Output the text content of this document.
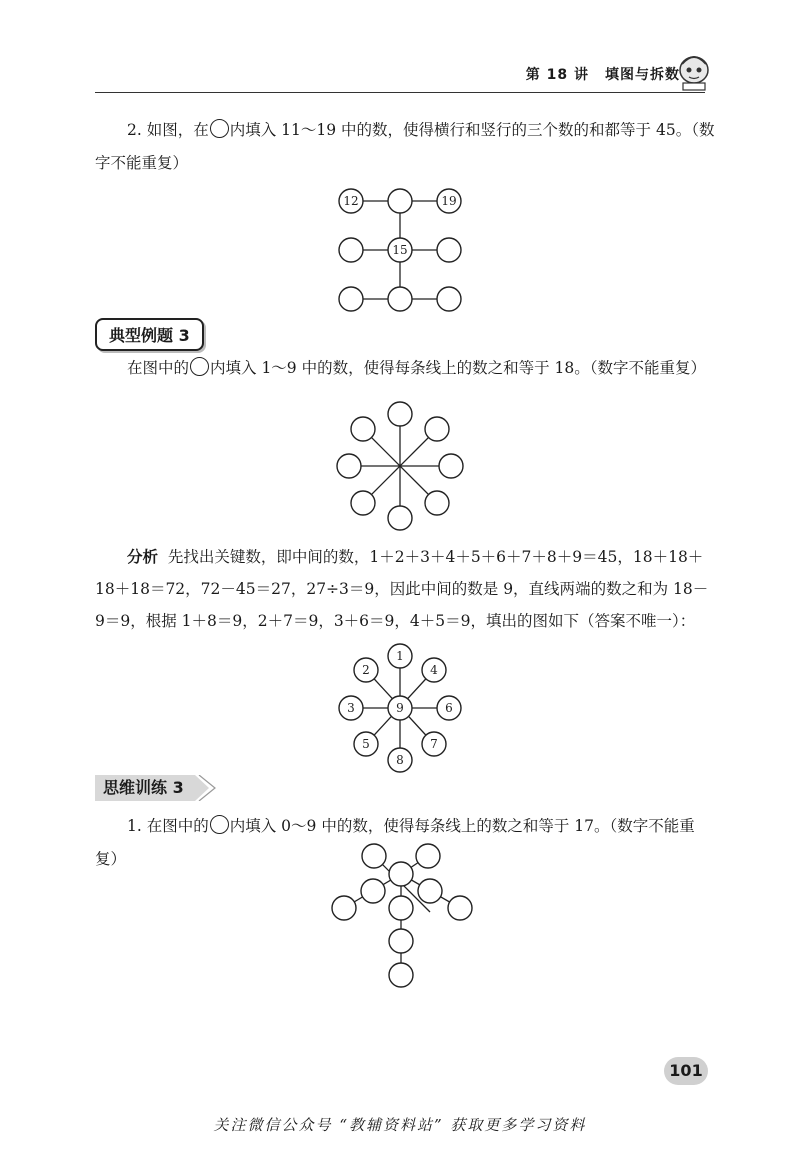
第 18 讲 填图与拆数
2. 如图，在 内填入 11～19 中的数，使得横行和竖行的三个数的和都等于 45。（数字不能重复）
12	19
15
典型例题 3
在图中的 内填入 1～9 中的数，使得每条线上的数之和等于 18。（数字不能重复）
分析 先找出关键数，即中间的数，1＋2＋3＋4＋5＋6＋7＋8＋9＝45，18＋18＋18＋18＝72，72－45＝27，27÷3＝9，因此中间的数是 9，直线两端的数之和为 18－9＝9，根据 1＋8＝9，2＋7＝9，3＋6＝9，4＋5＝9，填出的图如下（答案不唯一）：
1
4
6
7
8
5
3
2
9
思维训练 3
1. 在图中的 内填入 0～9 中的数，使得每条线上的数之和等于 17。（数字不能重复）
101
关注微信公众号 “教辅资料站” 获取更多学习资料
